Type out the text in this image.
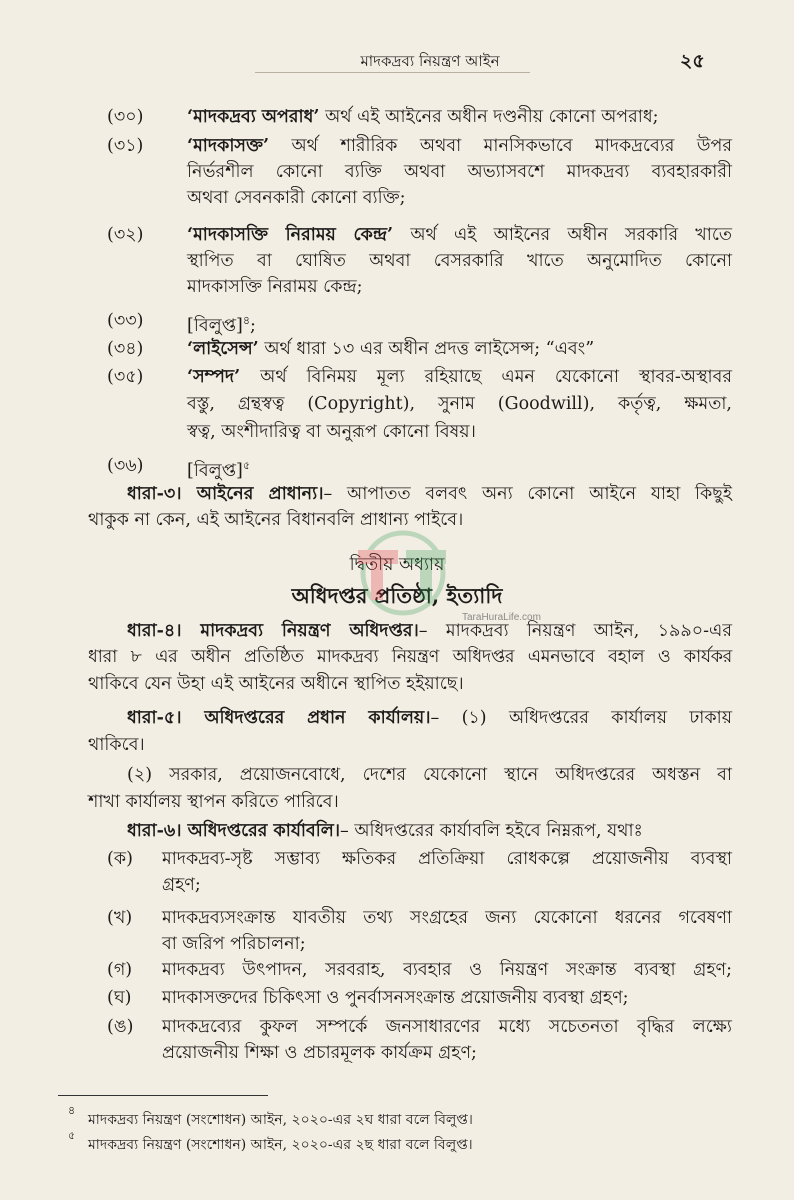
মাদকদ্রব্য নিয়ন্ত্রণ আইন	২৫
(৩০) ‘মাদকদ্রব্য অপরাধ’ অর্থ এই আইনের অধীন দণ্ডনীয় কোনো অপরাধ;
(৩১) ‘মাদকাসক্ত’ অর্থ শারীরিক অথবা মানসিকভাবে মাদকদ্রব্যের উপর
নির্ভরশীল কোনো ব্যক্তি অথবা অভ্যাসবশে মাদকদ্রব্য ব্যবহারকারী
অথবা সেবনকারী কোনো ব্যক্তি;
(৩২) ‘মাদকাসক্তি নিরাময় কেন্দ্র’ অর্থ এই আইনের অধীন সরকারি খাতে
স্থাপিত বা ঘোষিত অথবা বেসরকারি খাতে অনুমোদিত কোনো
মাদকাসক্তি নিরাময় কেন্দ্র;
(৩৩) [বিলুপ্ত]$^৪$;
(৩৪) ‘লাইসেন্স’ অর্থ ধারা ১৩ এর অধীন প্রদত্ত লাইসেন্স; “এবং”
(৩৫) ‘সম্পদ’ অর্থ বিনিময় মূল্য রহিয়াছে এমন যেকোনো স্থাবর-অস্থাবর
বস্তু, গ্রন্থস্বত্ব (Copyright), সুনাম (Goodwill), কর্তৃত্ব, ক্ষমতা,
স্বত্ব, অংশীদারিত্ব বা অনুরূপ কোনো বিষয়।
(৩৬) [বিলুপ্ত]$^৫$
ধারা-৩। আইনের প্রাধান্য।– আপাতত বলবৎ অন্য কোনো আইনে যাহা কিছুই
থাকুক না কেন, এই আইনের বিধানবলি প্রাধান্য পাইবে।
দ্বিতীয় অধ্যায়
অধিদপ্তর প্রতিষ্ঠা, ইত্যাদি
ধারা-৪। মাদকদ্রব্য নিয়ন্ত্রণ অধিদপ্তর।– মাদকদ্রব্য নিয়ন্ত্রণ আইন, ১৯৯০-এর
ধারা ৮ এর অধীন প্রতিষ্ঠিত মাদকদ্রব্য নিয়ন্ত্রণ অধিদপ্তর এমনভাবে বহাল ও কার্যকর
থাকিবে যেন উহা এই আইনের অধীনে স্থাপিত হইয়াছে।
ধারা-৫। অধিদপ্তরের প্রধান কার্যালয়।– (১) অধিদপ্তরের কার্যালয় ঢাকায়
থাকিবে।
(২) সরকার, প্রয়োজনবোধে, দেশের যেকোনো স্থানে অধিদপ্তরের অধস্তন বা
শাখা কার্যালয় স্থাপন করিতে পারিবে।
ধারা-৬। অধিদপ্তরের কার্যাবলি।– অধিদপ্তরের কার্যাবলি হইবে নিম্নরূপ, যথাঃ
(ক) মাদকদ্রব্য-সৃষ্ট সম্ভাব্য ক্ষতিকর প্রতিক্রিয়া রোধকল্পে প্রয়োজনীয় ব্যবস্থা
গ্রহণ;
(খ) মাদকদ্রব্যসংক্রান্ত যাবতীয় তথ্য সংগ্রহের জন্য যেকোনো ধরনের গবেষণা
বা জরিপ পরিচালনা;
(গ) মাদকদ্রব্য উৎপাদন, সরবরাহ, ব্যবহার ও নিয়ন্ত্রণ সংক্রান্ত ব্যবস্থা গ্রহণ;
(ঘ) মাদকাসক্তদের চিকিৎসা ও পুনর্বাসনসংক্রান্ত প্রয়োজনীয় ব্যবস্থা গ্রহণ;
(ঙ) মাদকদ্রব্যের কুফল সম্পর্কে জনসাধারণের মধ্যে সচেতনতা বৃদ্ধির লক্ষ্যে
প্রয়োজনীয় শিক্ষা ও প্রচারমূলক কার্যক্রম গ্রহণ;
৪
মাদকদ্রব্য নিয়ন্ত্রণ (সংশোধন) আইন, ২০২০-এর ২ঘ ধারা বলে বিলুপ্ত।
৫
মাদকদ্রব্য নিয়ন্ত্রণ (সংশোধন) আইন, ২০২০-এর ২ছ ধারা বলে বিলুপ্ত।
TaraHuraLife.com
